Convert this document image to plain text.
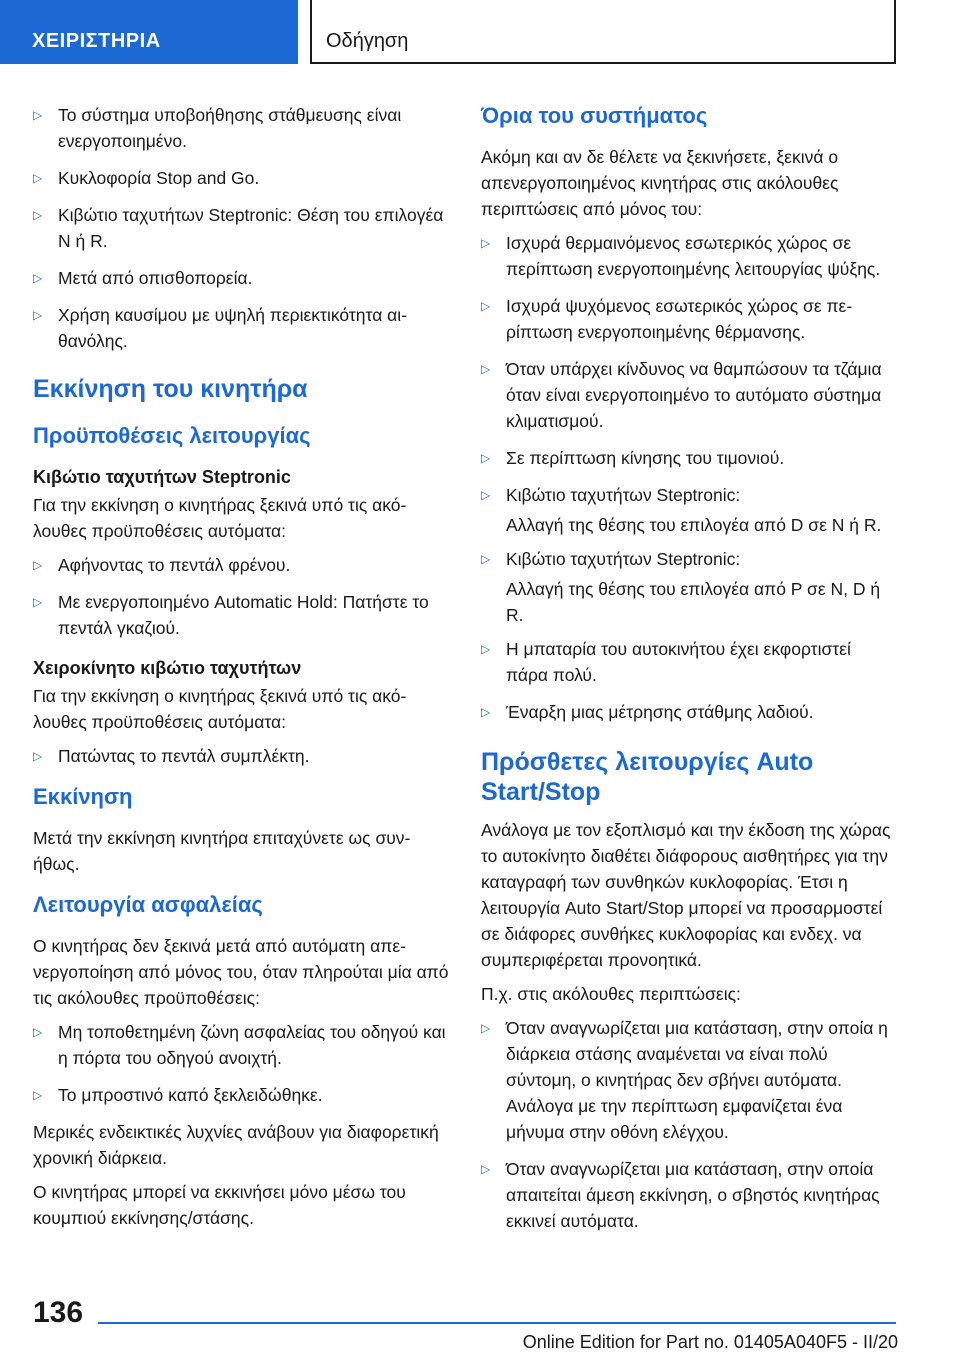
ΧΕΙΡΙΣΤΗΡΙΑ	Οδήγηση
▷ Το σύστημα υποβοήθησης στάθμευσης είναι ενεργοποιημένο.
▷ Κυκλοφορία Stop and Go.
▷ Κιβώτιο ταχυτήτων Steptronic: Θέση του επιλογέα N ή R.
▷ Μετά από οπισθοπορεία.
▷ Χρήση καυσίμου με υψηλή περιεκτικότητα αιθανόλης.
Εκκίνηση του κινητήρα
Προϋποθέσεις λειτουργίας
Κιβώτιο ταχυτήτων Steptronic

Για την εκκίνηση ο κινητήρας ξεκινά υπό τις ακόλουθες προϋποθέσεις αυτόματα:

▷ Αφήνοντας το πεντάλ φρένου.
▷ Με ενεργοποιημένο Automatic Hold: Πατήστε το πεντάλ γκαζιού.
Χειροκίνητο κιβώτιο ταχυτήτων

Για την εκκίνηση ο κινητήρας ξεκινά υπό τις ακόλουθες προϋποθέσεις αυτόματα:

▷ Πατώντας το πεντάλ συμπλέκτη.
Εκκίνηση

Μετά την εκκίνηση κινητήρα επιταχύνετε ως συνήθως.

Λειτουργία ασφαλείας

Ο κινητήρας δεν ξεκινά μετά από αυτόματη απενεργοποίηση από μόνος του, όταν πληρούται μία από τις ακόλουθες προϋποθέσεις:

▷ Μη τοποθετημένη ζώνη ασφαλείας του οδηγού και η πόρτα του οδηγού ανοιχτή.
▷ Το μπροστινό καπό ξεκλειδώθηκε.

Μερικές ενδεικτικές λυχνίες ανάβουν για διαφορετική χρονική διάρκεια.

Ο κινητήρας μπορεί να εκκινήσει μόνο μέσω του κουμπιού εκκίνησης/στάσης.

Όρια του συστήματος

Ακόμη και αν δε θέλετε να ξεκινήσετε, ξεκινά ο απενεργοποιημένος κινητήρας στις ακόλουθες περιπτώσεις από μόνος του:

▷ Ισχυρά θερμαινόμενος εσωτερικός χώρος σε περίπτωση ενεργοποιημένης λειτουργίας ψύξης.
▷ Ισχυρά ψυχόμενος εσωτερικός χώρος σε περίπτωση ενεργοποιημένης θέρμανσης.
▷ Όταν υπάρχει κίνδυνος να θαμπώσουν τα τζάμια όταν είναι ενεργοποιημένο το αυτόματο σύστημα κλιματισμού.
▷ Σε περίπτωση κίνησης του τιμονιού.
▷ Κιβώτιο ταχυτήτων Steptronic:

Αλλαγή της θέσης του επιλογέα από D σε N ή R.

▷ Κιβώτιο ταχυτήτων Steptronic:

Αλλαγή της θέσης του επιλογέα από P σε N, D ή R.

▷ Η μπαταρία του αυτοκινήτου έχει εκφορτιστεί πάρα πολύ.
▷ Έναρξη μιας μέτρησης στάθμης λαδιού.
Πρόσθετες λειτουργίες Auto Start/Stop

Ανάλογα με τον εξοπλισμό και την έκδοση της χώρας το αυτοκίνητο διαθέτει διάφορους αισθητήρες για την καταγραφή των συνθηκών κυκλοφορίας. Έτσι η λειτουργία Auto Start/Stop μπορεί να προσαρμοστεί σε διάφορες συνθήκες κυκλοφορίας και ενδεχ. να συμπεριφέρεται προνοητικά.

Π.χ. στις ακόλουθες περιπτώσεις:

▷ Όταν αναγνωρίζεται μια κατάσταση, στην οποία η διάρκεια στάσης αναμένεται να είναι πολύ σύντομη, ο κινητήρας δεν σβήνει αυτόματα. Ανάλογα με την περίπτωση εμφανίζεται ένα μήνυμα στην οθόνη ελέγχου.
▷ Όταν αναγνωρίζεται μια κατάσταση, στην οποία απαιτείται άμεση εκκίνηση, ο σβηστός κινητήρας εκκινεί αυτόματα.
136
Online Edition for Part no. 01405A040F5 - II/20
